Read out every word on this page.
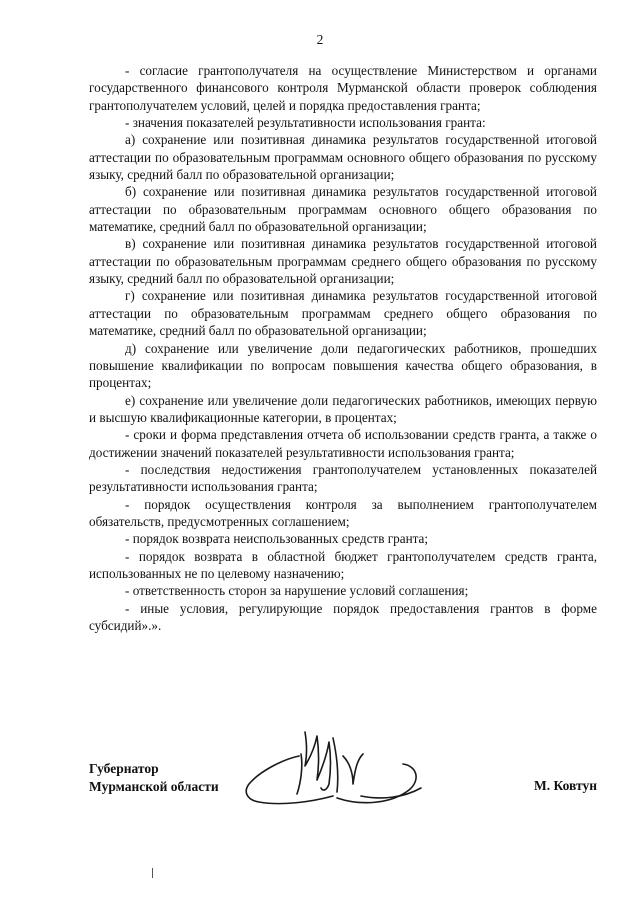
2

- согласие грантополучателя на осуществление Министерством и органами государственного финансового контроля Мурманской области проверок соблюдения грантополучателем условий, целей и порядка предоставления гранта;

- значения показателей результативности использования гранта:

а) сохранение или позитивная динамика результатов государственной итоговой аттестации по образовательным программам основного общего образования по русскому языку, средний балл по образовательной организации;

б) сохранение или позитивная динамика результатов государственной итоговой аттестации по образовательным программам основного общего образования по математике, средний балл по образовательной организации;

в) сохранение или позитивная динамика результатов государственной итоговой аттестации по образовательным программам среднего общего образования по русскому языку, средний балл по образовательной организации;

г) сохранение или позитивная динамика результатов государственной итоговой аттестации по образовательным программам среднего общего образования по математике, средний балл по образовательной организации;

д) сохранение или увеличение доли педагогических работников, прошедших повышение квалификации по вопросам повышения качества общего образования, в процентах;

е) сохранение или увеличение доли педагогических работников, имеющих первую и высшую квалификационные категории, в процентах;

- сроки и форма представления отчета об использовании средств гранта, а также о достижении значений показателей результативности использования гранта;

- последствия недостижения грантополучателем установленных показателей результативности использования гранта;

- порядок осуществления контроля за выполнением грантополучателем обязательств, предусмотренных соглашением;

- порядок возврата неиспользованных средств гранта;

- порядок возврата в областной бюджет грантополучателем средств гранта, использованных не по целевому назначению;

- ответственность сторон за нарушение условий соглашения;

- иные условия, регулирующие порядок предоставления грантов в форме субсидий».».

Губернатор
Мурманской области	М. Ковтун
